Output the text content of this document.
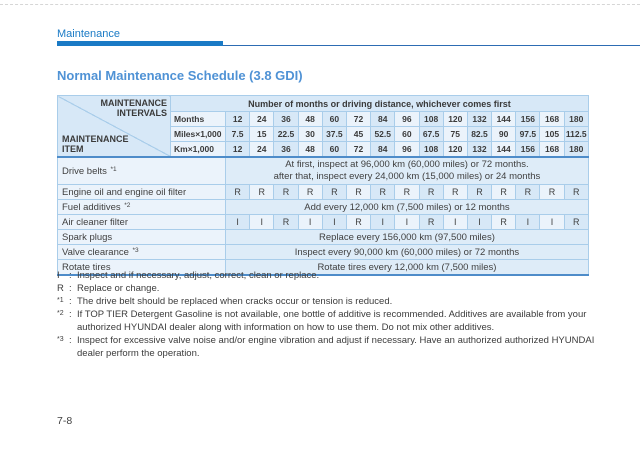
Maintenance
Normal Maintenance Schedule (3.8 GDI)
MAINTENANCE INTERVALS
MAINTENANCE ITEM	Number of months or driving distance, whichever comes first															
	Months	12	24	36	48	60	72	84	96	108	120	132	144	156	168	180
	Miles×1,000	7.5	15	22.5	30	37.5	45	52.5	60	67.5	75	82.5	90	97.5	105	112.5
	Km×1,000	12	24	36	48	60	72	84	96	108	120	132	144	156	168	180
Drive belts $^{*1}$		At first, inspect at 96,000 km (60,000 miles) or 72 months.
after that, inspect every 24,000 km (15,000 miles) or 24 months														

Engine oil and engine oil filter		R	R	R	R	R	R	R	R	R	R	R	R	R	R	R
Fuel additives $^{*2}$		Add every 12,000 km (7,500 miles) or 12 months														

Air cleaner filter		I	I	R	I	I	R	I	I	R	I	I	R	I	I	R
Spark plugs		Replace every 156,000 km (97,500 miles)														

Valve clearance $^{*3}$		Inspect every 90,000 km (60,000 miles) or 72 months														

Rotate tires		Rotate tires every 12,000 km (7,500 miles)														
I : Inspect and if necessary, adjust, correct, clean or replace.
R : Replace or change.
*1 : The drive belt should be replaced when cracks occur or tension is reduced.
*2 : If TOP TIER Detergent Gasoline is not available, one bottle of additive is recommended. Additives are available from your authorized HYUNDAI dealer along with information on how to use them. Do not mix other additives.
*3 : Inspect for excessive valve noise and/or engine vibration and adjust if necessary. Have an authorized authorized HYUNDAI dealer perform the operation.
7-8
